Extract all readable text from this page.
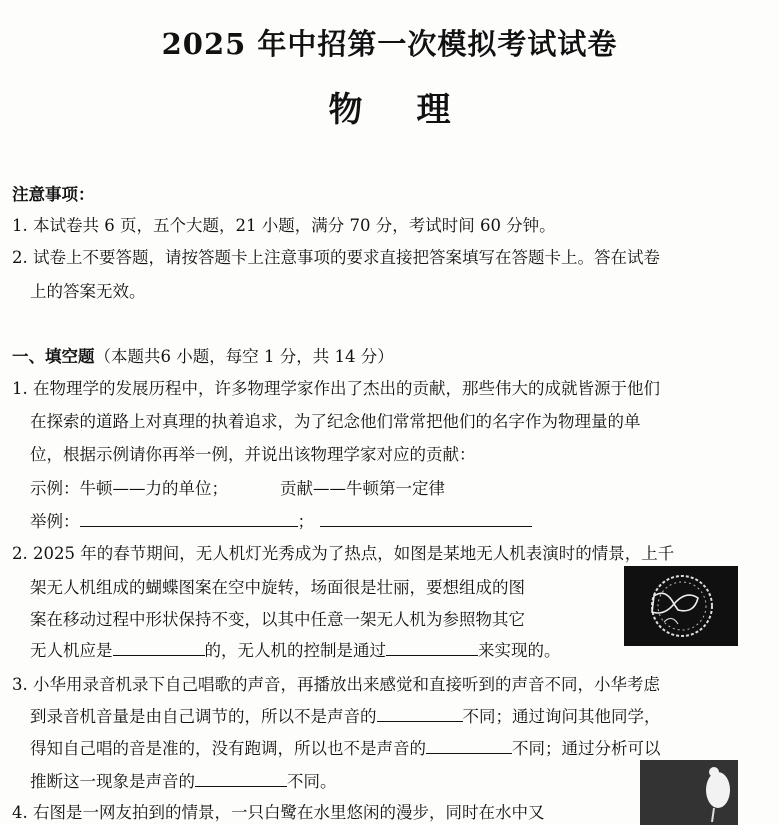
2025 年中招第一次模拟考试试卷
物理
注意事项：
1. 本试卷共 6 页，五个大题，21 小题，满分 70 分，考试时间 60 分钟。
2. 试卷上不要答题，请按答题卡上注意事项的要求直接把答案填写在答题卡上。答在试卷
上的答案无效。
一、填空题（本题共6 小题，每空 1 分，共 14 分）
1. 在物理学的发展历程中，许多物理学家作出了杰出的贡献，那些伟大的成就皆源于他们
在探索的道路上对真理的执着追求，为了纪念他们常常把他们的名字作为物理量的单
位，根据示例请你再举一例，并说出该物理学家对应的贡献：
示例：牛顿——力的单位；	贡献——牛顿第一定律
举例：	；
2. 2025 年的春节期间，无人机灯光秀成为了热点，如图是某地无人机表演时的情景，上千
架无人机组成的蝴蝶图案在空中旋转，场面很是壮丽，要想组成的图
案在移动过程中形状保持不变，以其中任意一架无人机为参照物其它
无人机应是	的，无人机的控制是通过	来实现的。
3. 小华用录音机录下自己唱歌的声音，再播放出来感觉和直接听到的声音不同，小华考虑
到录音机音量是由自己调节的，所以不是声音的	不同；通过询问其他同学，
得知自己唱的音是准的，没有跑调，所以也不是声音的	不同；通过分析可以
推断这一现象是声音的	不同。
4. 右图是一网友拍到的情景，一只白鹭在水里悠闲的漫步，同时在水中又
